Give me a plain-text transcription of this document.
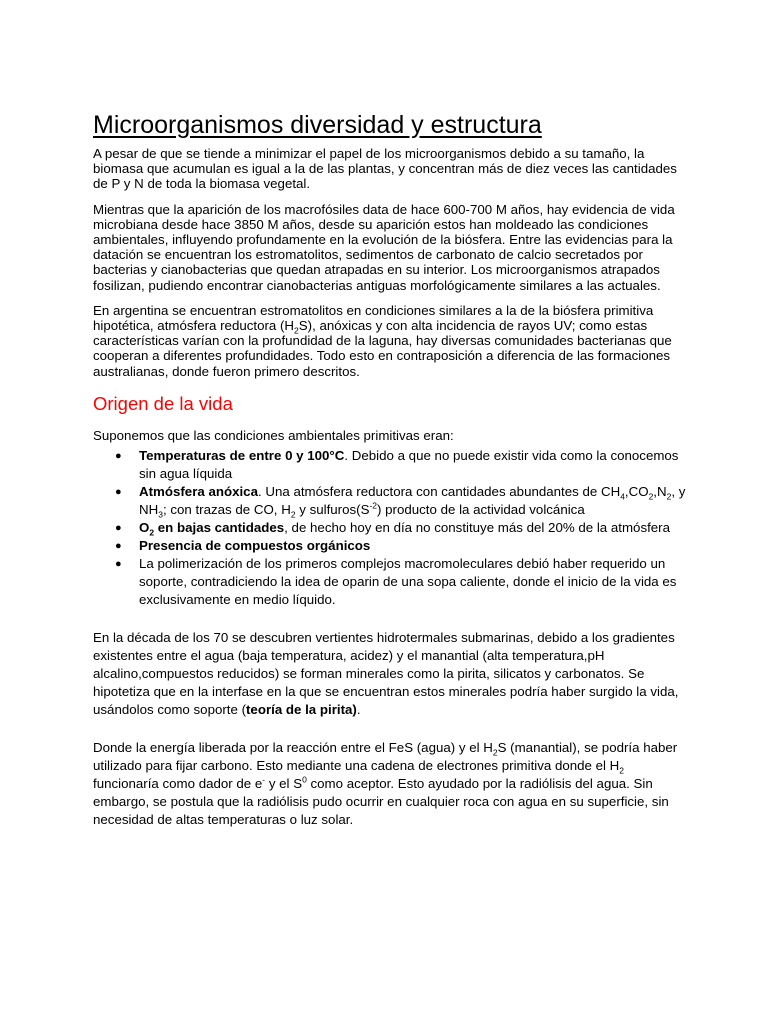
Microorganismos diversidad y estructura

A pesar de que se tiende a minimizar el papel de los microorganismos debido a su tamaño, la biomasa que acumulan es igual a la de las plantas, y concentran más de diez veces las cantidades de P y N de toda la biomasa vegetal.

Mientras que la aparición de los macrofósiles data de hace 600-700 M años, hay evidencia de vida microbiana desde hace 3850 M años, desde su aparición estos han moldeado las condiciones ambientales, influyendo profundamente en la evolución de la biósfera. Entre las evidencias para la datación se encuentran los estromatolitos, sedimentos de carbonato de calcio secretados por bacterias y cianobacterias que quedan atrapadas en su interior. Los microorganismos atrapados fosilizan, pudiendo encontrar cianobacterias antiguas morfológicamente similares a las actuales.

En argentina se encuentran estromatolitos en condiciones similares a la de la biósfera primitiva hipotética, atmósfera reductora $(H_2S)$, anóxicas y con alta incidencia de rayos UV; como estas características varían con la profundidad de la laguna, hay diversas comunidades bacterianas que cooperan a diferentes profundidades. Todo esto en contraposición a diferencia de las formaciones australianas, donde fueron primero descritos.

Origen de la vida

Suponemos que las condiciones ambientales primitivas eran:

● Temperaturas de entre 0 y 100°C. Debido a que no puede existir vida como la conocemos sin agua líquida
● Atmósfera anóxica. Una atmósfera reductora con cantidades abundantes de $CH_4,CO_2,N_2$, y $NH_3$; con trazas de CO, $H_2$ y $sulfuros(S^{-2})$ producto de la actividad volcánica
● $O_2$ en bajas cantidades, de hecho hoy en día no constituye más del 20% de la atmósfera
● Presencia de compuestos orgánicos
● La polimerización de los primeros complejos macromoleculares debió haber requerido un soporte, contradiciendo la idea de oparin de una sopa caliente, donde el inicio de la vida es exclusivamente en medio líquido.

En la década de los 70 se descubren vertientes hidrotermales submarinas, debido a los gradientes existentes entre el agua (baja temperatura, acidez) y el manantial (alta temperatura,pH alcalino,compuestos reducidos) se forman minerales como la pirita, silicatos y carbonatos. Se hipotetiza que en la interfase en la que se encuentran estos minerales podría haber surgido la vida, usándolos como soporte (teoría de la pirita).

Donde la energía liberada por la reacción entre el FeS (agua) y el $H_2S$ (manantial), se podría haber utilizado para fijar carbono. Esto mediante una cadena de electrones primitiva donde el $H_2$ funcionaría como dador de e- y el $S^0$ como aceptor. Esto ayudado por la radiólisis del agua. Sin embargo, se postula que la radiólisis pudo ocurrir en cualquier roca con agua en su superficie, sin necesidad de altas temperaturas o luz solar.
